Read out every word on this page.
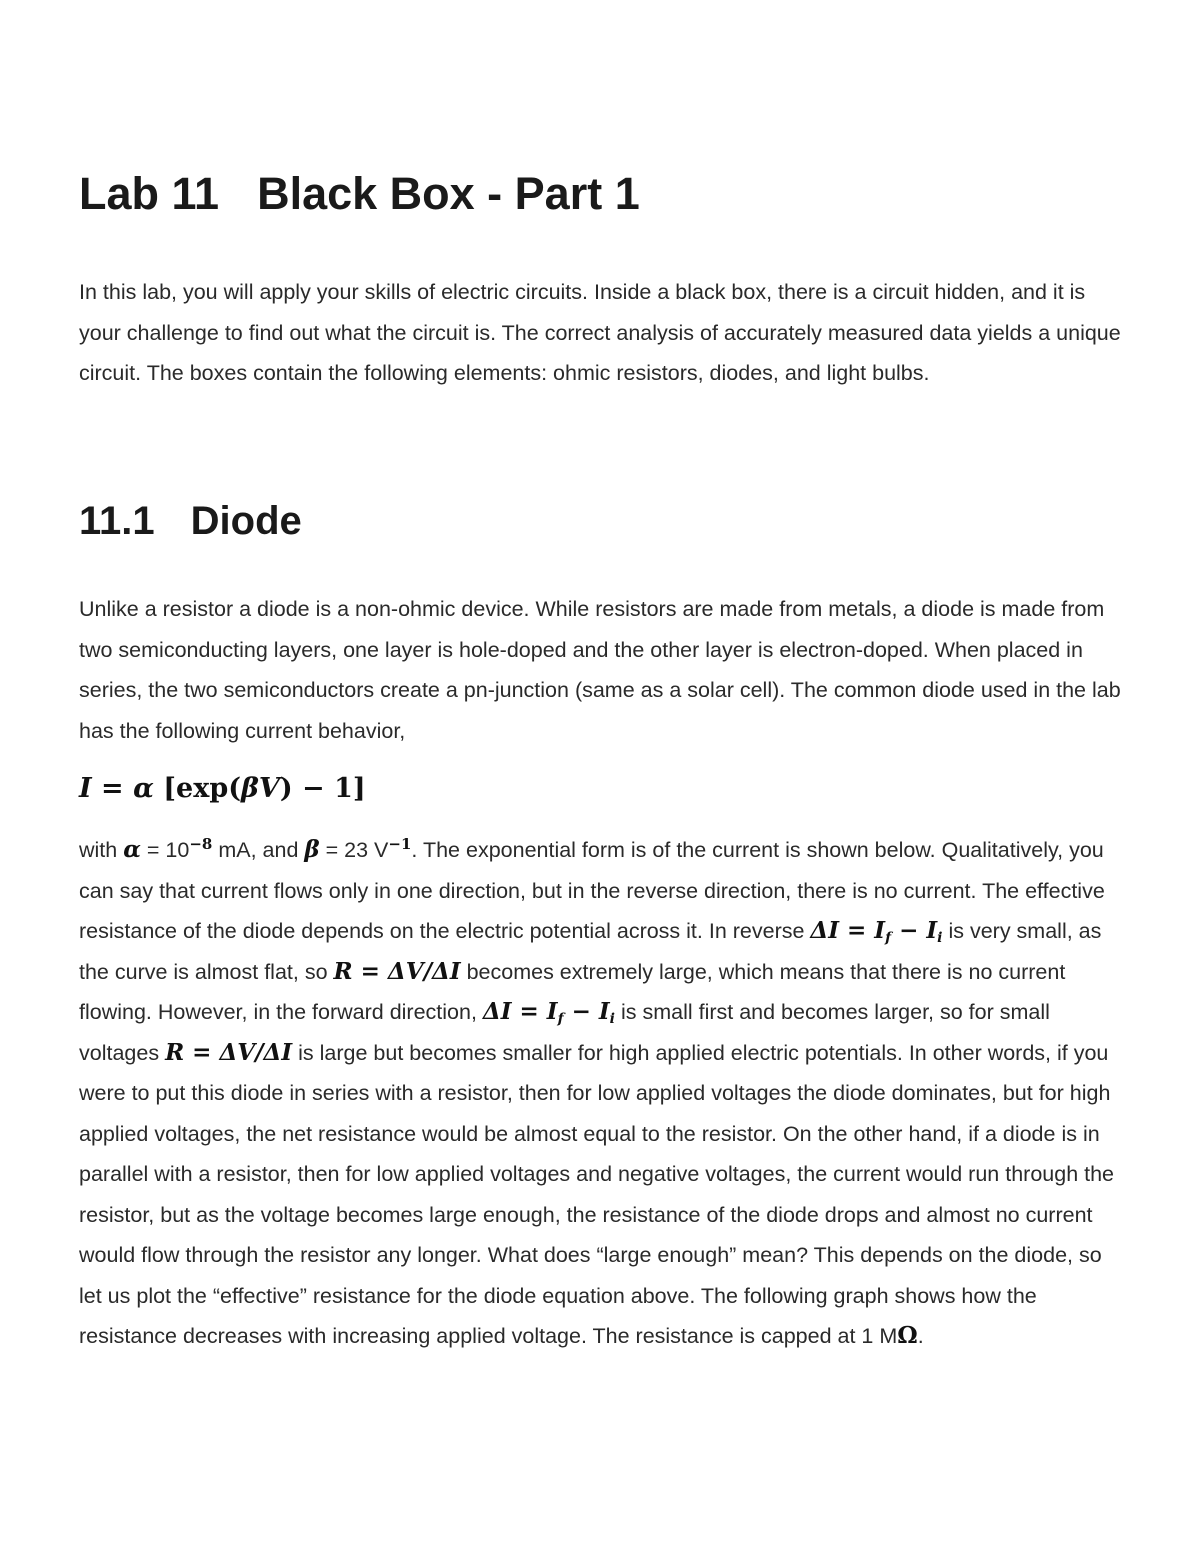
Lab 11 Black Box - Part 1

In this lab, you will apply your skills of electric circuits. Inside a black box, there is a circuit hidden, and it is your challenge to find out what the circuit is. The correct analysis of accurately measured data yields a unique circuit. The boxes contain the following elements: ohmic resistors, diodes, and light bulbs.

11.1 Diode

Unlike a resistor a diode is a non-ohmic device. While resistors are made from metals, a diode is made from two semiconducting layers, one layer is hole-doped and the other layer is electron-doped. When placed in series, the two semiconductors create a pn-junction (same as a solar cell). The common diode used in the lab has the following current behavior,

I = α [exp(βV) − 1]

with $\alpha = 10^{-8}$ mA, and β = 23 $V^{-1}$. The exponential form is of the current is shown below. Qualitatively, you can say that current flows only in one direction, but in the reverse direction, there is no current. The effective resistance of the diode depends on the electric potential across it. In reverse $\Delta I = I_f - I_i$ is very small, as the curve is almost flat, so R = ΔV/ΔI becomes extremely large, which means that there is no current flowing. However, in the forward direction, $\Delta I = I_f - I_i$ is small first and becomes larger, so for small voltages R = ΔV/ΔI is large but becomes smaller for high applied electric potentials. In other words, if you were to put this diode in series with a resistor, then for low applied voltages the diode dominates, but for high applied voltages, the net resistance would be almost equal to the resistor. On the other hand, if a diode is in parallel with a resistor, then for low applied voltages and negative voltages, the current would run through the resistor, but as the voltage becomes large enough, the resistance of the diode drops and almost no current would flow through the resistor any longer. What does “large enough” mean? This depends on the diode, so let us plot the “effective” resistance for the diode equation above. The following graph shows how the resistance decreases with increasing applied voltage. The resistance is capped at 1 MΩ.
